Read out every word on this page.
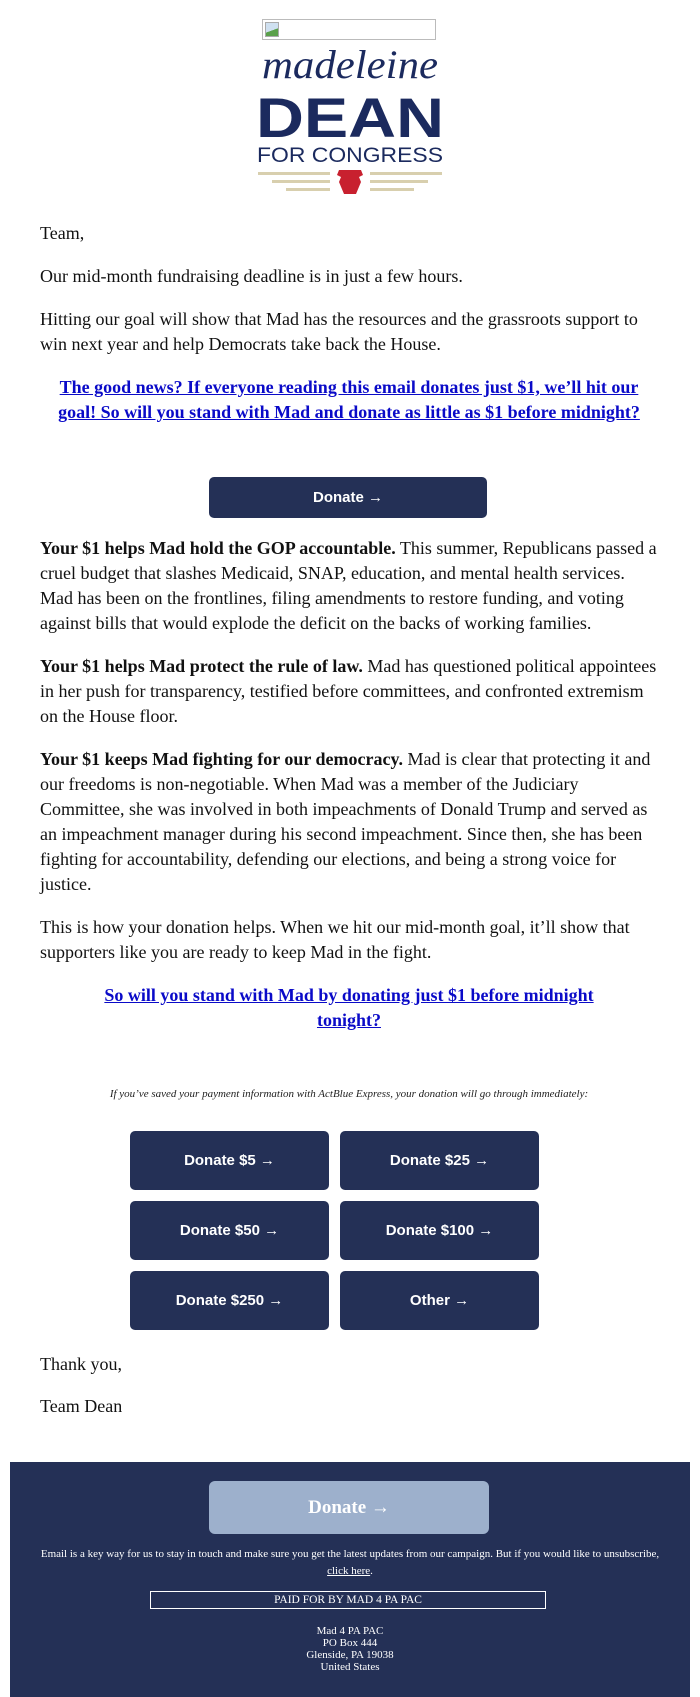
madeleine
DEAN
FOR CONGRESS

Team,

Our mid-month fundraising deadline is in just a few hours.

Hitting our goal will show that Mad has the resources and the grassroots support to win next year and help Democrats take back the House.

The good news? If everyone reading this email donates just $1, we’ll hit our goal! So will you stand with Mad and donate as little as $1 before midnight?

Your $1 helps Mad hold the GOP accountable. This summer, Republicans passed a cruel budget that slashes Medicaid, SNAP, education, and mental health services. Mad has been on the frontlines, filing amendments to restore funding, and voting against bills that would explode the deficit on the backs of working families.

Your $1 helps Mad protect the rule of law. Mad has questioned political appointees in her push for transparency, testified before committees, and confronted extremism on the House floor.

Your $1 keeps Mad fighting for our democracy. Mad is clear that protecting it and our freedoms is non-negotiable. When Mad was a member of the Judiciary Committee, she was involved in both impeachments of Donald Trump and served as an impeachment manager during his second impeachment. Since then, she has been fighting for accountability, defending our elections, and being a strong voice for justice.

This is how your donation helps. When we hit our mid-month goal, it’ll show that supporters like you are ready to keep Mad in the fight.

So will you stand with Mad by donating just $1 before midnight tonight?
Donate →
If you’ve saved your payment information with ActBlue Express, your donation will go through immediately:
Donate $5 →	Donate $25 →
Donate $50 →	Donate $100 →
Donate $250 →	Other →
Thank you,
Team Dean
Donate →
Email is a key way for us to stay in touch and make sure you get the latest updates from our campaign. But if you would like to unsubscribe, click here.
PAID FOR BY MAD 4 PA PAC
Mad 4 PA PAC
PO Box 444
Glenside, PA 19038
United States
